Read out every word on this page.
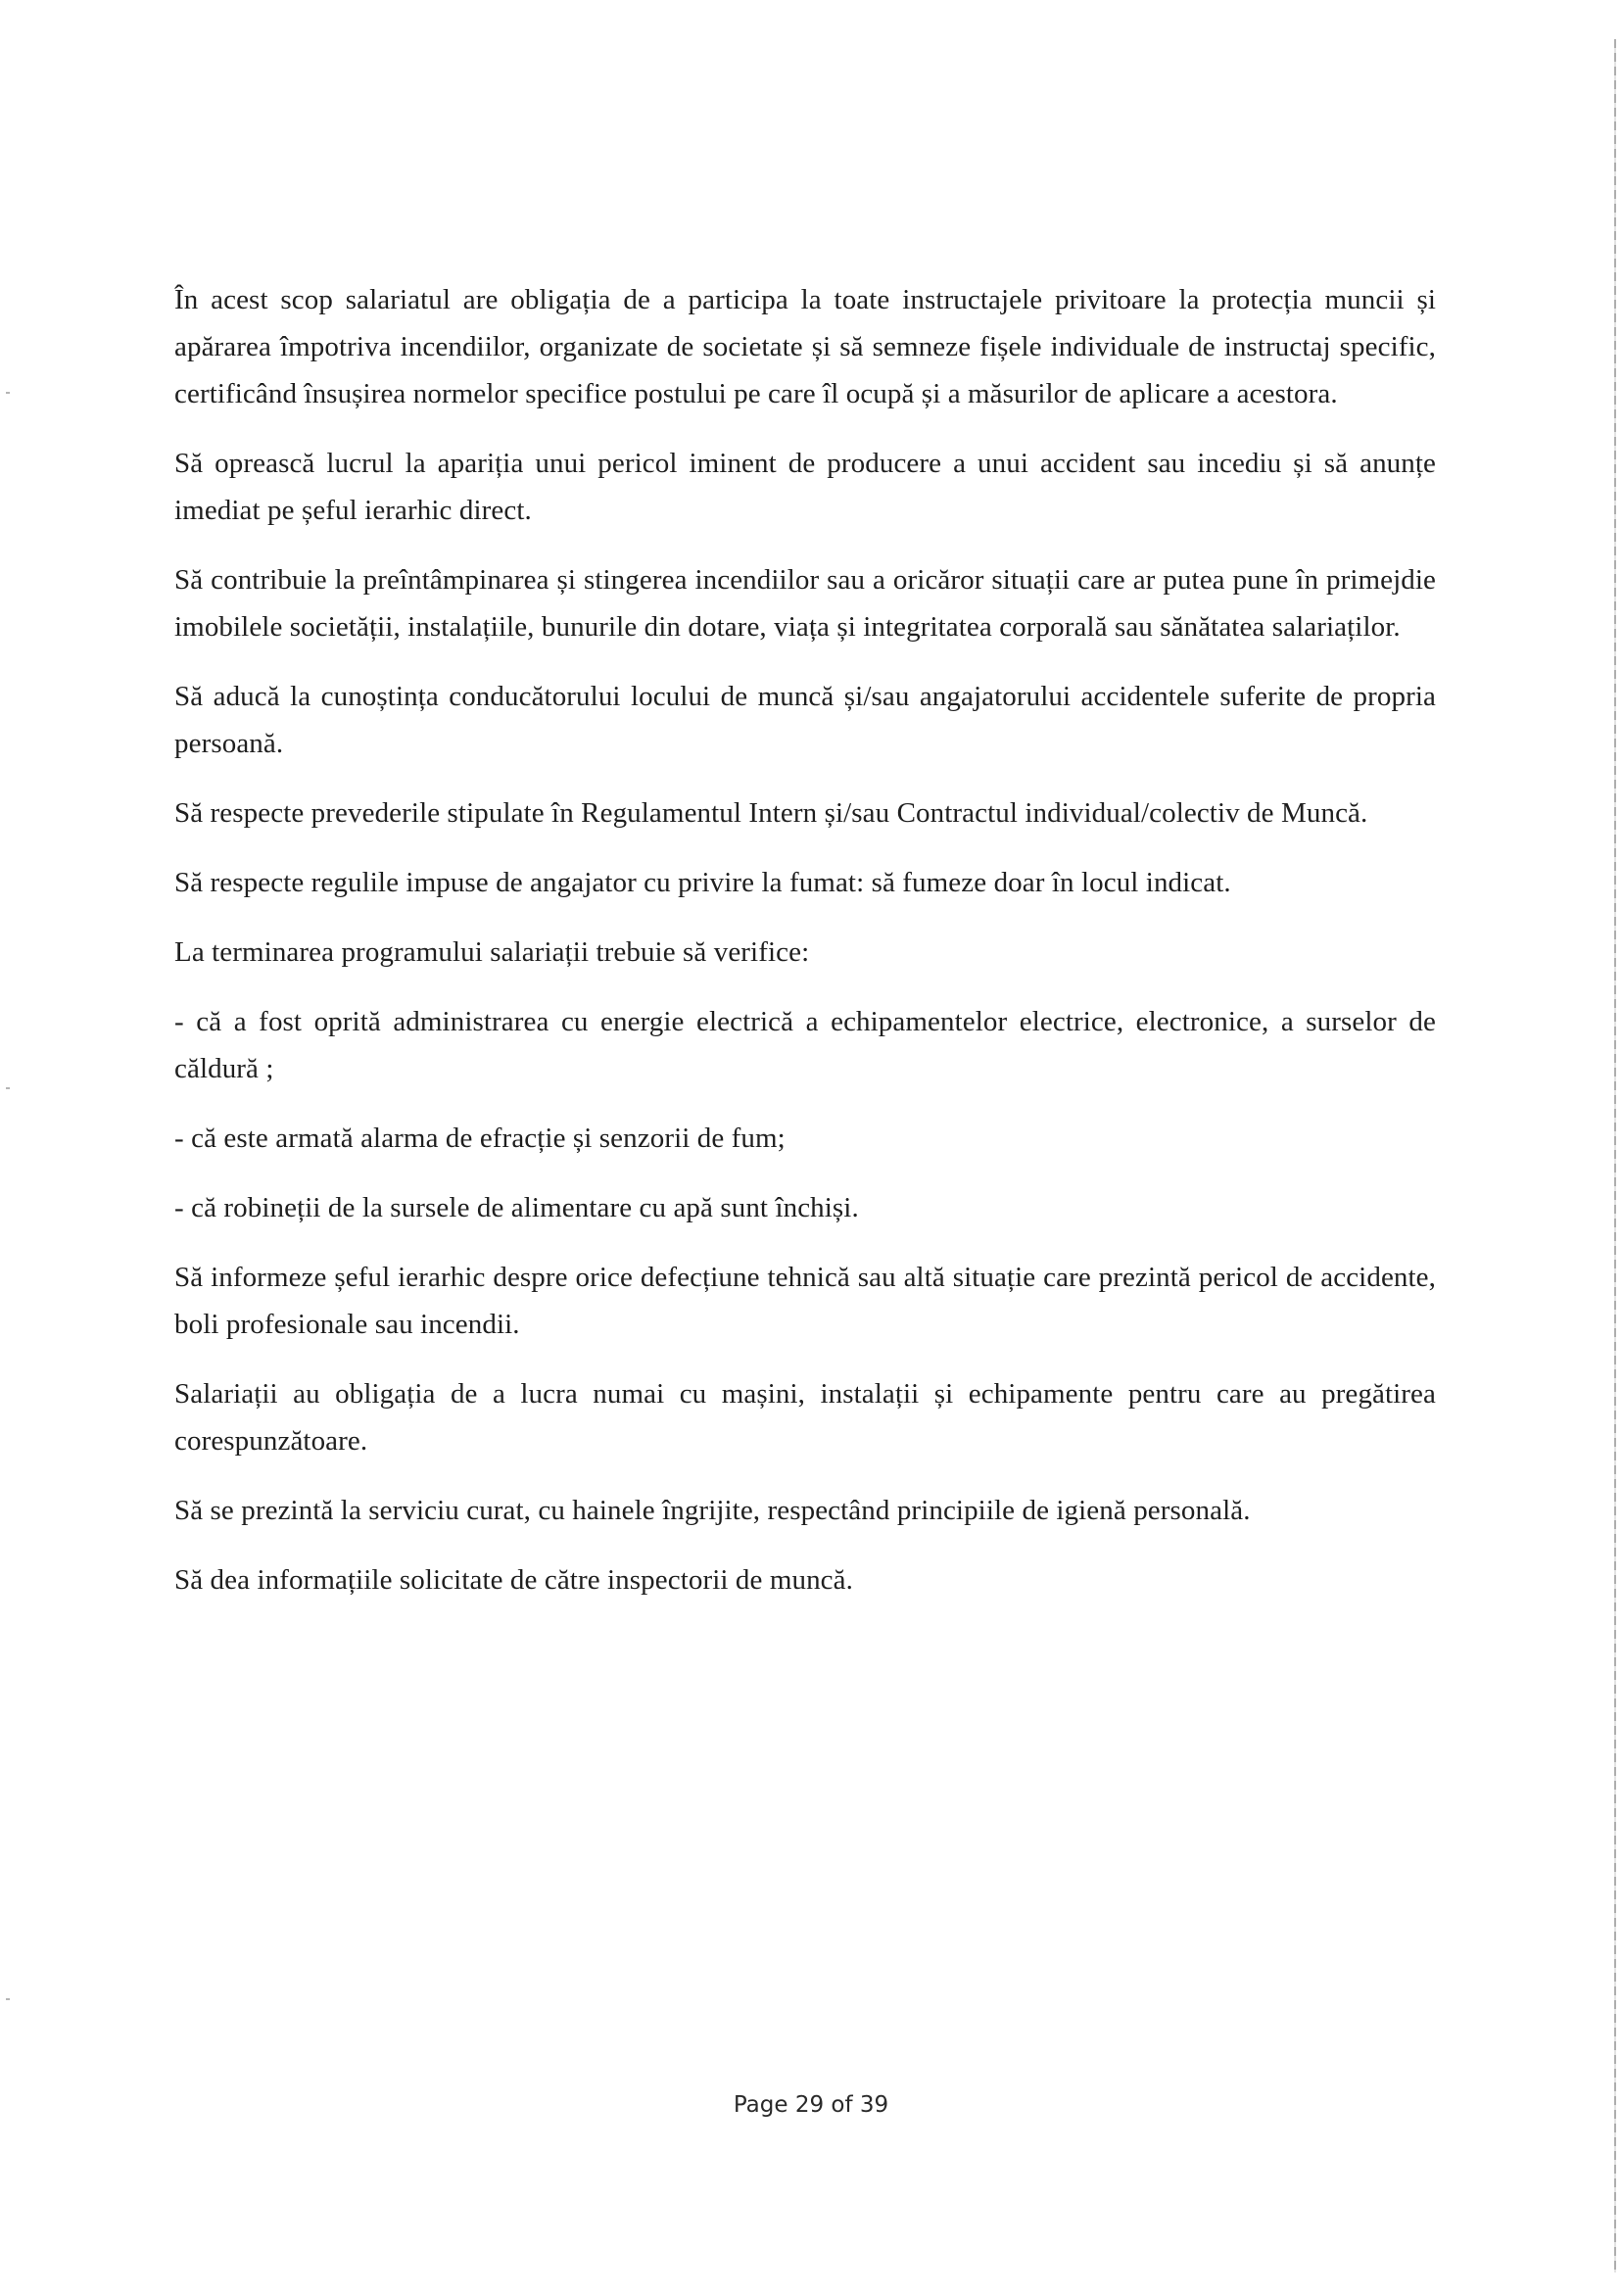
În acest scop salariatul are obligația de a participa la toate instructajele privitoare la protecția muncii și apărarea împotriva incendiilor, organizate de societate și să semneze fișele individuale de instructaj specific, certificând însușirea normelor specifice postului pe care îl ocupă și a măsurilor de aplicare a acestora.

Să oprească lucrul la apariția unui pericol iminent de producere a unui accident sau incediu și să anunțe imediat pe șeful ierarhic direct.

Să contribuie la preîntâmpinarea și stingerea incendiilor sau a oricăror situații care ar putea pune în primejdie imobilele societății, instalațiile, bunurile din dotare, viața și integritatea corporală sau sănătatea salariaților.

Să aducă la cunoștința conducătorului locului de muncă și/sau angajatorului accidentele suferite de propria persoană.

Să respecte prevederile stipulate în Regulamentul Intern și/sau Contractul individual/colectiv de Muncă.

Să respecte regulile impuse de angajator cu privire la fumat: să fumeze doar în locul indicat.

La terminarea programului salariații trebuie să verifice:

- că a fost oprită administrarea cu energie electrică a echipamentelor electrice, electronice, a surselor de căldură ;

- că este armată alarma de efracție și senzorii de fum;

- că robineții de la sursele de alimentare cu apă sunt închiși.

Să informeze șeful ierarhic despre orice defecțiune tehnică sau altă situație care prezintă pericol de accidente, boli profesionale sau incendii.

Salariații au obligația de a lucra numai cu mașini, instalații și echipamente pentru care au pregătirea corespunzătoare.

Să se prezintă la serviciu curat, cu hainele îngrijite, respectând principiile de igienă personală.

Să dea informațiile solicitate de către inspectorii de muncă.

Page 29 of 39
